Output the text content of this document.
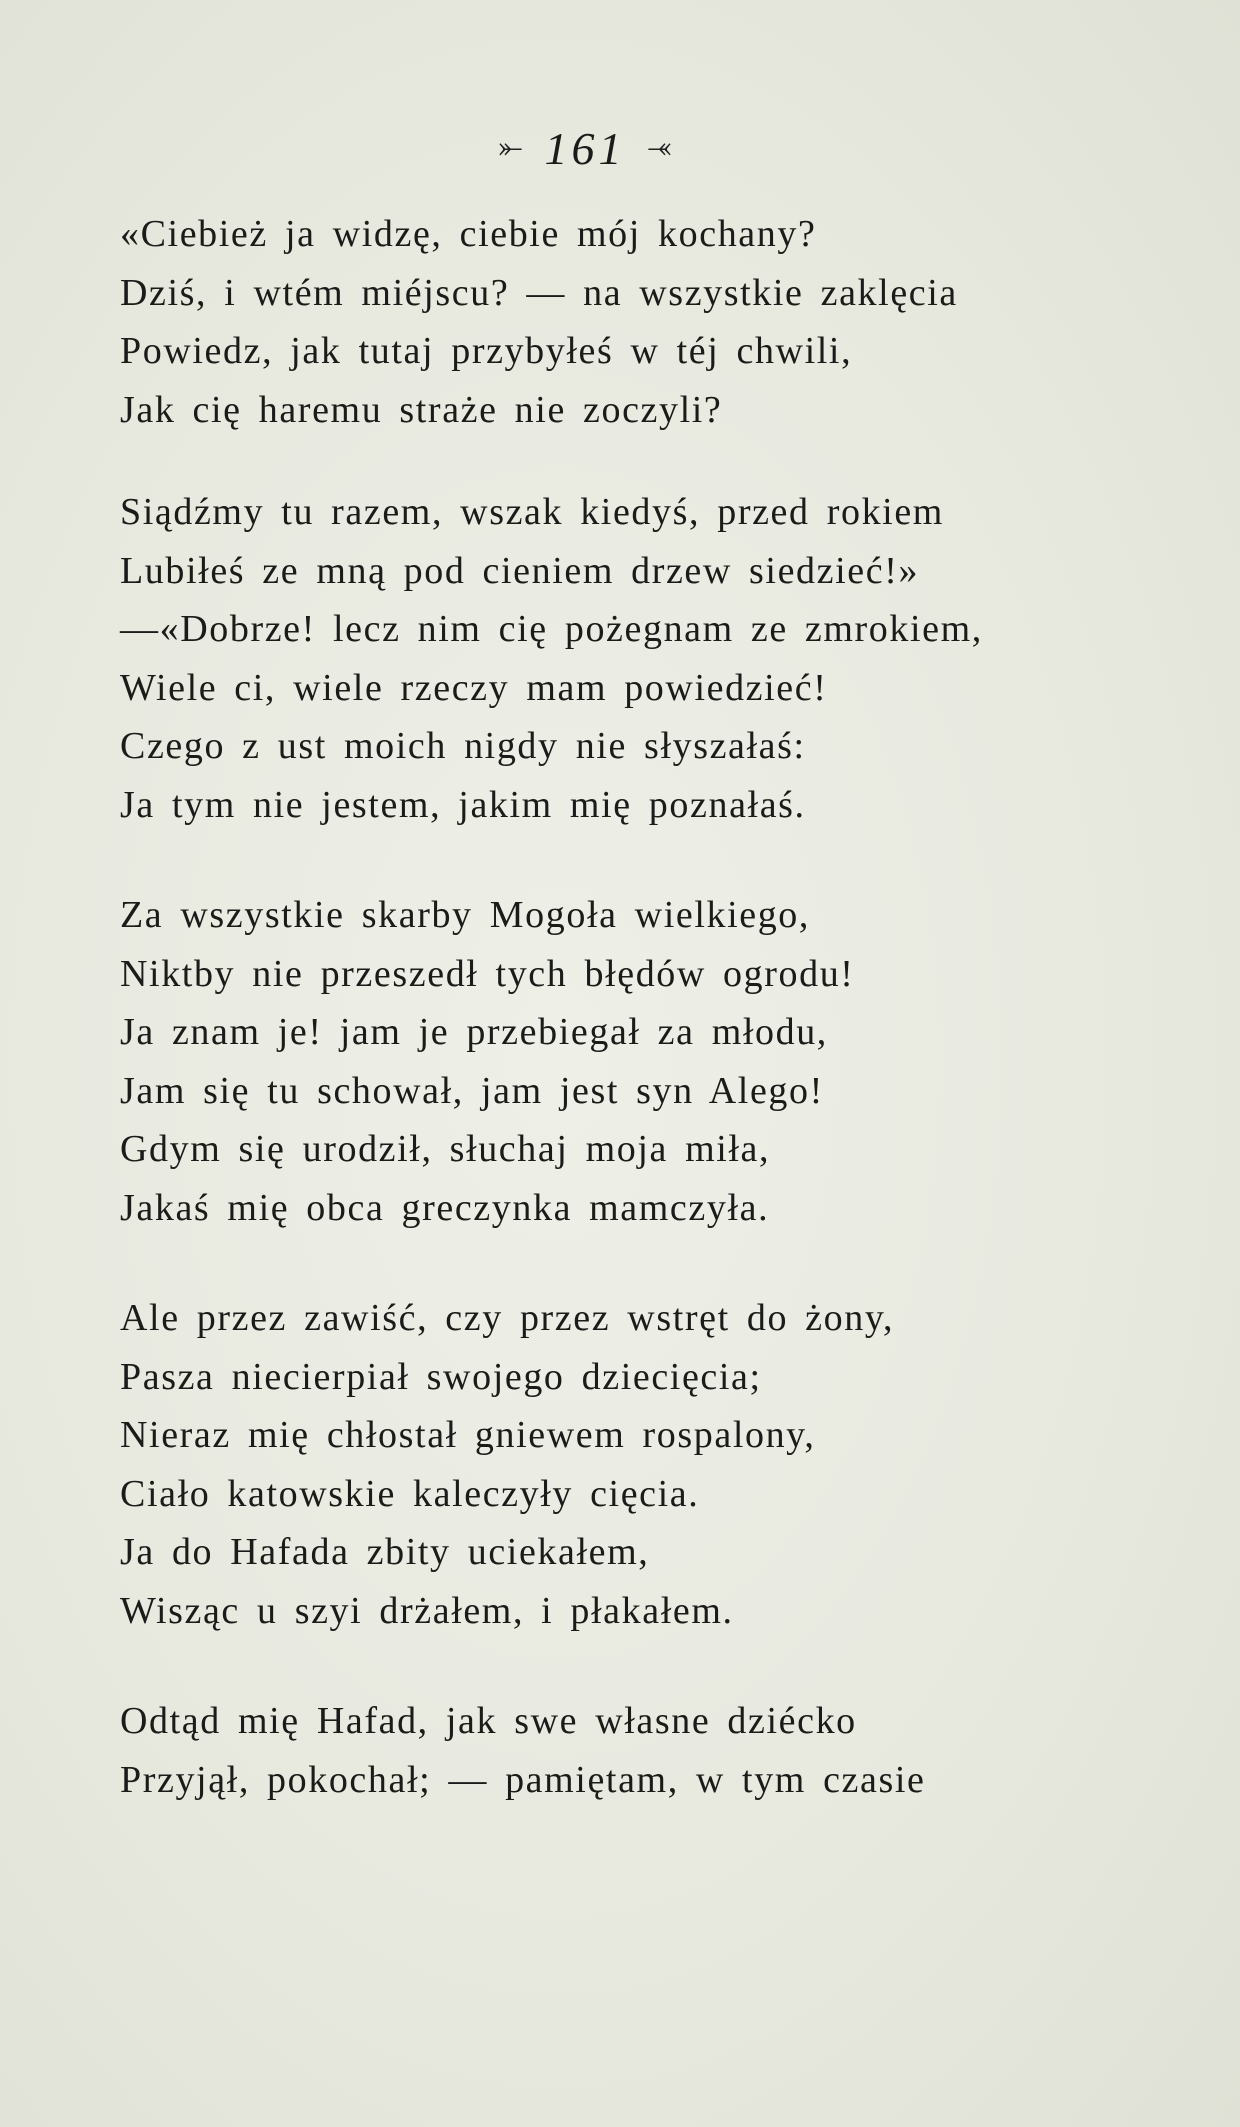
⤜ 161 ⤛
«Ciebież ja widzę, ciebie mój kochany?
Dziś, i wtém miéjscu? — na wszystkie zaklęcia
Powiedz, jak tutaj przybyłeś w téj chwili,
Jak cię haremu straże nie zoczyli?
Siądźmy tu razem, wszak kiedyś, przed rokiem
Lubiłeś ze mną pod cieniem drzew siedzieć!»
—«Dobrze! lecz nim cię pożegnam ze zmrokiem,
Wiele ci, wiele rzeczy mam powiedzieć!
Czego z ust moich nigdy nie słyszałaś:
Ja tym nie jestem, jakim mię poznałaś.
Za wszystkie skarby Mogoła wielkiego,
Niktby nie przeszedł tych błędów ogrodu!
Ja znam je! jam je przebiegał za młodu,
Jam się tu schował, jam jest syn Alego!
Gdym się urodził, słuchaj moja miła,
Jakaś mię obca greczynka mamczyła.
Ale przez zawiść, czy przez wstręt do żony,
Pasza niecierpiał swojego dziecięcia;
Nieraz mię chłostał gniewem rospalony,
Ciało katowskie kaleczyły cięcia.
Ja do Hafada zbity uciekałem,
Wisząc u szyi drżałem, i płakałem.
Odtąd mię Hafad, jak swe własne dziécko
Przyjął, pokochał; — pamiętam, w tym czasie
